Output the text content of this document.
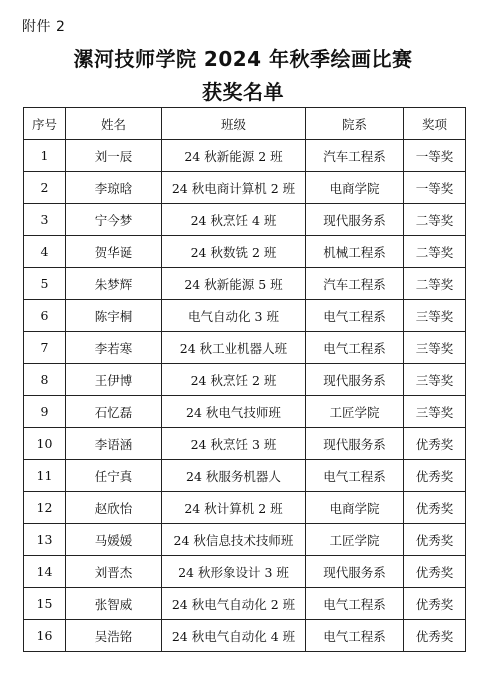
附件 2
漯河技师学院 2024 年秋季绘画比赛
获奖名单
序号	姓名	班级	院系	奖项
1	刘一辰	24 秋新能源 2 班	汽车工程系	一等奖
2	李琼晗	24 秋电商计算机 2 班	电商学院	一等奖
3	宁今梦	24 秋烹饪 4 班	现代服务系	二等奖
4	贺华诞	24 秋数铣 2 班	机械工程系	二等奖
5	朱梦辉	24 秋新能源 5 班	汽车工程系	二等奖
6	陈宇桐	电气自动化 3 班	电气工程系	三等奖
7	李若寒	24 秋工业机器人班	电气工程系	三等奖
8	王伊博	24 秋烹饪 2 班	现代服务系	三等奖
9	石忆磊	24 秋电气技师班	工匠学院	三等奖
10	李语涵	24 秋烹饪 3 班	现代服务系	优秀奖
11	任宁真	24 秋服务机器人	电气工程系	优秀奖
12	赵欣怡	24 秋计算机 2 班	电商学院	优秀奖
13	马媛媛	24 秋信息技术技师班	工匠学院	优秀奖
14	刘晋杰	24 秋形象设计 3 班	现代服务系	优秀奖
15	张智威	24 秋电气自动化 2 班	电气工程系	优秀奖
16	吴浩铭	24 秋电气自动化 4 班	电气工程系	优秀奖
